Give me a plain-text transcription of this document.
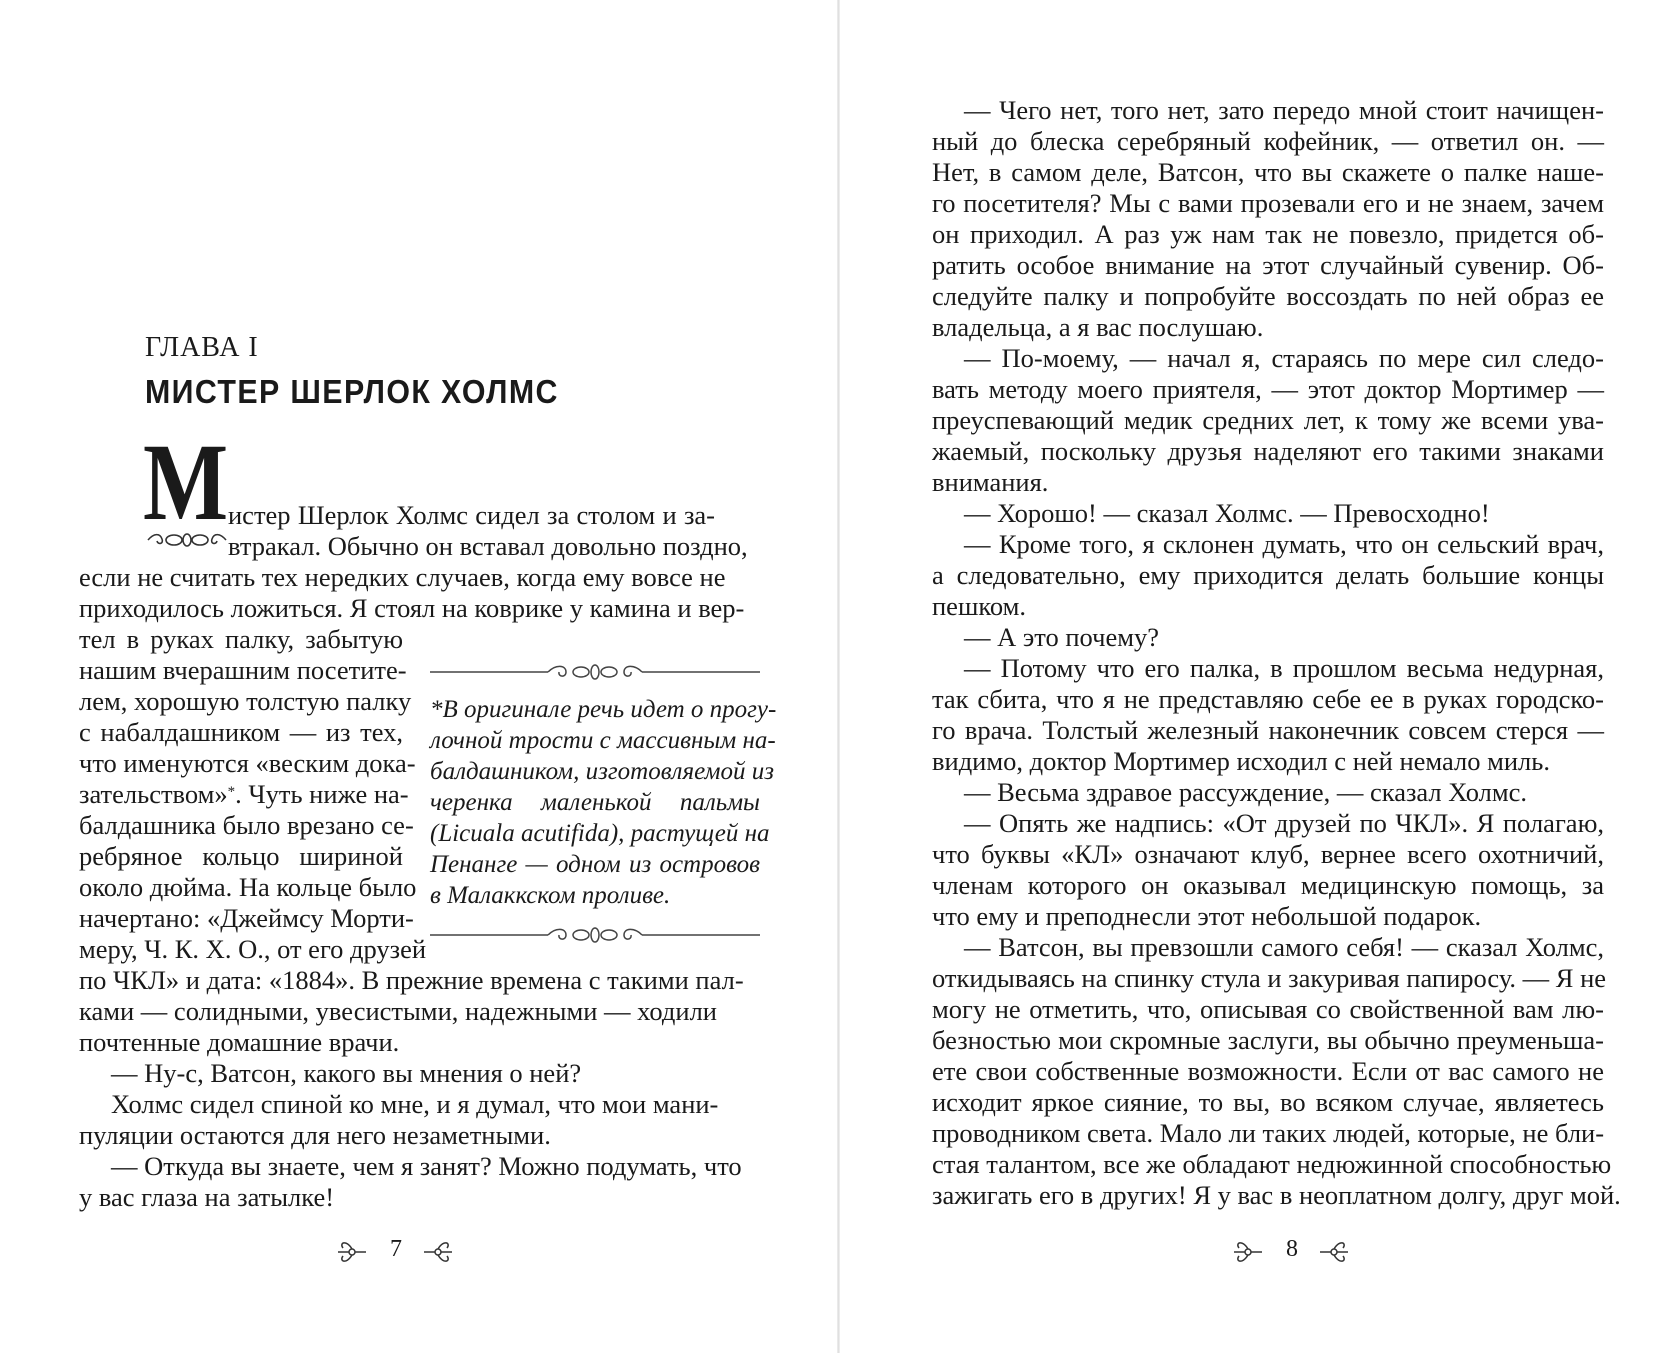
ГЛАВА I
МИСТЕР ШЕРЛОК ХОЛМС
М истер Шерлок Холмс сидел за столом и за-
втракал. Обычно он вставал довольно поздно,
если не считать тех нередких случаев, когда ему вовсе не
приходилось ложиться. Я стоял на коврике у камина и вер-
тел в руках палку, забытую
нашим вчерашним посетите-
лем, хорошую толстую палку
с набалдашником — из тех,
что именуются «веским дока-
зательством»*. Чуть ниже на-
балдашника было врезано се-
ребряное кольцо шириной
около дюйма. На кольце было
начертано: «Джеймсу Морти-
меру, Ч. К. Х. О., от его друзей
по ЧКЛ» и дата: «1884». В прежние времена с такими пал-
ками — солидными, увесистыми, надежными — ходили
почтенные домашние врачи.
— Ну-с, Ватсон, какого вы мнения о ней?
Холмс сидел спиной ко мне, и я думал, что мои мани-
пуляции остаются для него незаметными.
— Откуда вы знаете, чем я занят? Можно подумать, что
у вас глаза на затылке!
*В оригинале речь идет о прогу-
лочной трости с массивным на-
балдашником, изготовляемой из
черенка маленькой пальмы
(Licuala acutifida), растущей на
Пенанге — одном из островов
в Малаккском проливе.
7
— Чего нет, того нет, зато передо мной стоит начищен-
ный до блеска серебряный кофейник, — ответил он. —
Нет, в самом деле, Ватсон, что вы скажете о палке наше-
го посетителя? Мы с вами прозевали его и не знаем, зачем
он приходил. А раз уж нам так не повезло, придется об-
ратить особое внимание на этот случайный сувенир. Об-
следуйте палку и попробуйте воссоздать по ней образ ее
владельца, а я вас послушаю.
— По-моему, — начал я, стараясь по мере сил следо-
вать методу моего приятеля, — этот доктор Мортимер —
преуспевающий медик средних лет, к тому же всеми ува-
жаемый, поскольку друзья наделяют его такими знаками
внимания.
— Хорошо! — сказал Холмс. — Превосходно!
— Кроме того, я склонен думать, что он сельский врач,
а следовательно, ему приходится делать большие концы
пешком.
— А это почему?
— Потому что его палка, в прошлом весьма недурная,
так сбита, что я не представляю себе ее в руках городско-
го врача. Толстый железный наконечник совсем стерся —
видимо, доктор Мортимер исходил с ней немало миль.
— Весьма здравое рассуждение, — сказал Холмс.
— Опять же надпись: «От друзей по ЧКЛ». Я полагаю,
что буквы «КЛ» означают клуб, вернее всего охотничий,
членам которого он оказывал медицинскую помощь, за
что ему и преподнесли этот небольшой подарок.
— Ватсон, вы превзошли самого себя! — сказал Холмс,
откидываясь на спинку стула и закуривая папиросу. — Я не
могу не отметить, что, описывая со свойственной вам лю-
безностью мои скромные заслуги, вы обычно преуменьша-
ете свои собственные возможности. Если от вас самого не
исходит яркое сияние, то вы, во всяком случае, являетесь
проводником света. Мало ли таких людей, которые, не бли-
стая талантом, все же обладают недюжинной способностью
зажигать его в других! Я у вас в неоплатном долгу, друг мой.
8
